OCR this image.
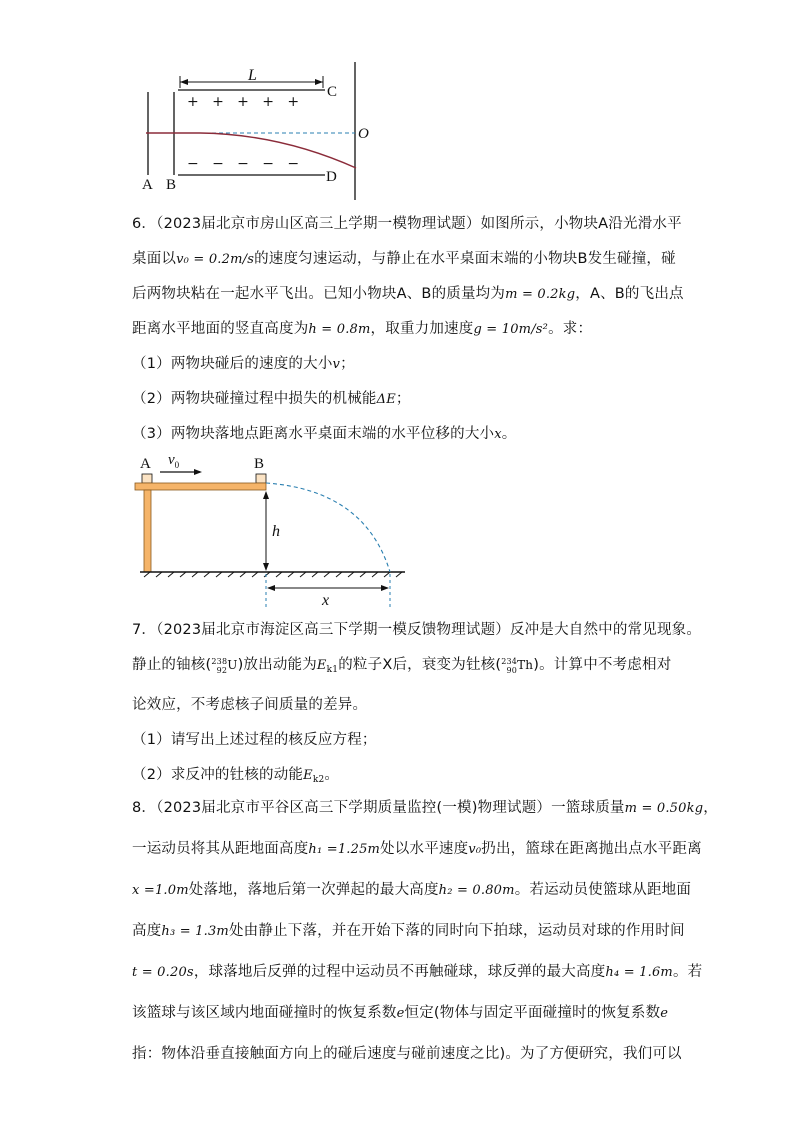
L
+   +   +   +   +
−   −   −   −   −
C
O
D
A B
6．（2023届北京市房山区高三上学期一模物理试题）如图所示，小物块A沿光滑水平
桌面以v₀ = 0.2m/s的速度匀速运动，与静止在水平桌面末端的小物块B发生碰撞，碰
后两物块粘在一起水平飞出。已知小物块A、B的质量均为m = 0.2kg，A、B的飞出点
距离水平地面的竖直高度为h = 0.8m，取重力加速度g = 10m/s²。求：
（1）两物块碰后的速度的大小v；
（2）两物块碰撞过程中损失的机械能ΔE；
（3）两物块落地点距离水平桌面末端的水平位移的大小x。
A	B
$v_0$
h
x
7．（2023届北京市海淀区高三下学期一模反馈物理试题）反冲是大自然中的常见现象。
静止的铀核(238
92U)放出动能为$E_{k1}$的粒子X后，衰变为钍核(234
90Th)。计算中不考虑相对
论效应，不考虑核子间质量的差异。
（1）请写出上述过程的核反应方程；
（2）求反冲的钍核的动能$E_{k2}$。
8．（2023届北京市平谷区高三下学期质量监控(一模)物理试题）一篮球质量m = 0.50kg，
一运动员将其从距地面高度h₁ =1.25m处以水平速度v₀扔出，篮球在距离抛出点水平距离
x =1.0m处落地，落地后第一次弹起的最大高度h₂ = 0.80m。若运动员使篮球从距地面
高度h₃ = 1.3m处由静止下落，并在开始下落的同时向下拍球，运动员对球的作用时间
t = 0.20s，球落地后反弹的过程中运动员不再触碰球，球反弹的最大高度h₄ = 1.6m。若
该篮球与该区域内地面碰撞时的恢复系数e恒定(物体与固定平面碰撞时的恢复系数e
指：物体沿垂直接触面方向上的碰后速度与碰前速度之比)。为了方便研究，我们可以
